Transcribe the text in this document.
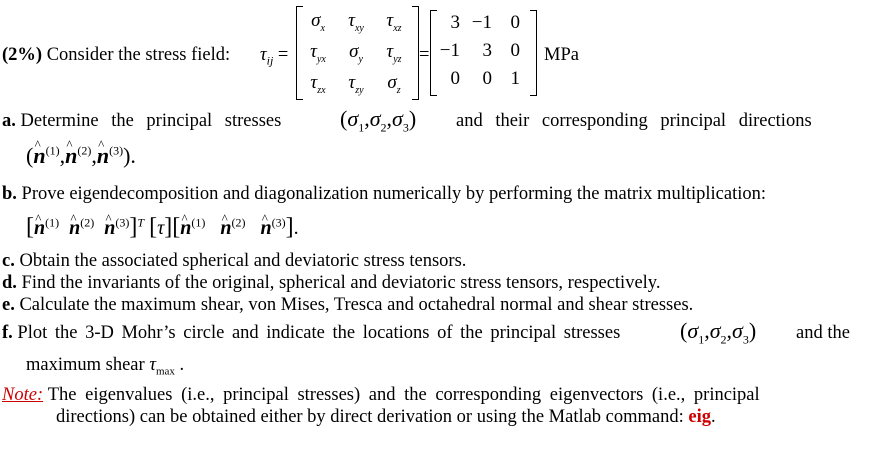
(2%) Consider the stress field: $\tau_{ij}$ =
$\sigma_x$	$\tau_{xy}$	$\tau_{xz}$
$\tau_{yx}$	$\sigma_y$	$\tau_{yz}$
$\tau_{zx}$	$\tau_{zy}$	$\sigma_z$
=
3 −1 0
−1	3 0
0	0 1
MPa
a. Determine the principal stresses	$(\sigma_1,\sigma_2,\sigma_3)$ and their corresponding principal directions
(^ $n^{(1)},\^{}$ $n^{(2)},\^{}$ $n^{(3)}$).
b. Prove eigendecomposition and diagonalization numerically by performing the matrix multiplication:
[^ $n^{(1)}$ ^ $n^{(2)}$ ^ $n^{(3)}]^T$ [τ][^ $n^{(1)}$ ^ $n^{(2)}$ ^ $n^{(3)}$].
c. Obtain the associated spherical and deviatoric stress tensors.
d. Find the invariants of the original, spherical and deviatoric stress tensors, respectively.
e. Calculate the maximum shear, von Mises, Tresca and octahedral normal and shear stresses.
f. Plot the 3-D Mohr’s circle and indicate the locations of the principal stresses	$(\sigma_1,\sigma_2,\sigma_3)$ and the
maximum shear $\tau_{max}$ .
Note: The eigenvalues (i.e., principal stresses) and the corresponding eigenvectors (i.e., principal
directions) can be obtained either by direct derivation or using the Matlab command: eig.
